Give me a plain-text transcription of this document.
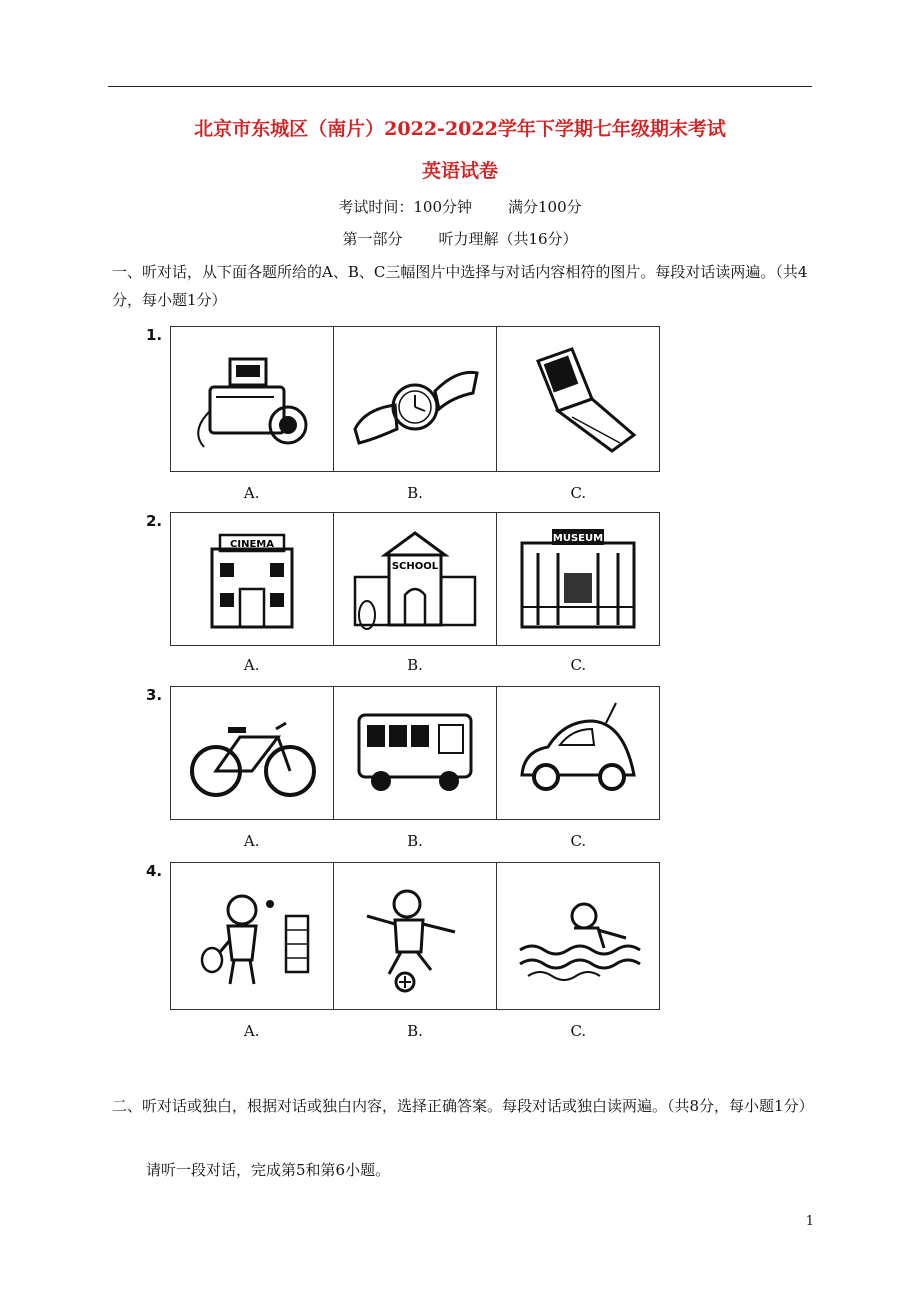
北京市东城区（南片）2022-2022学年下学期七年级期末考试
英语试卷
考试时间：100分钟 满分100分
第一部分 听力理解（共16分）
一、听对话，从下面各题所给的A、B、C三幅图片中选择与对话内容相符的图片。每段对话读两遍。（共4分，每小题1分）
1.
A.	B.	C.
2.
CINEMA
SCHOOL
MUSEUM
A.	B.	C.
3.
A.	B.	C.
4.
A.	B.	C.
二、听对话或独白，根据对话或独白内容，选择正确答案。每段对话或独白读两遍。（共8分，每小题1分）
请听一段对话，完成第5和第6小题。
1
